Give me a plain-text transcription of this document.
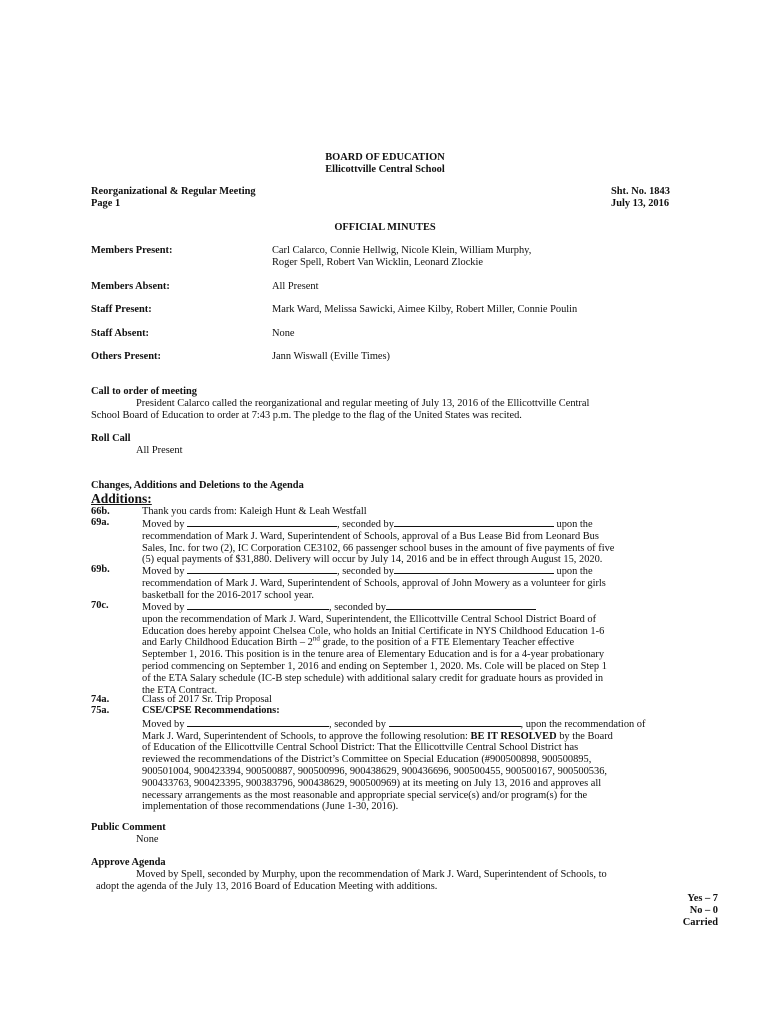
BOARD OF EDUCATION
Ellicottville Central School
Reorganizational & Regular Meeting
Page 1
Sht. No. 1843
July 13, 2016
OFFICIAL MINUTES
Members Present:	Carl Calarco, Connie Hellwig, Nicole Klein, William Murphy,
Roger Spell, Robert Van Wicklin, Leonard Zlockie
Members Absent:	All Present
Staff Present:	Mark Ward, Melissa Sawicki, Aimee Kilby, Robert Miller, Connie Poulin
Staff Absent:	None
Others Present:	Jann Wiswall (Eville Times)
Call to order of meeting
President Calarco called the reorganizational and regular meeting of July 13, 2016 of the Ellicottville Central
School Board of Education to order at 7:43 p.m. The pledge to the flag of the United States was recited.
Roll Call
All Present
Changes, Additions and Deletions to the Agenda
Additions:
66b.	Thank you cards from: Kaleigh Hunt & Leah Westfall
69a.	Moved by	, seconded by	upon the
recommendation of Mark J. Ward, Superintendent of Schools, approval of a Bus Lease Bid from Leonard Bus
Sales, Inc. for two (2), IC Corporation CE3102, 66 passenger school buses in the amount of five payments of five
(5) equal payments of $31,880. Delivery will occur by July 14, 2016 and be in effect through August 15, 2020.
69b.	Moved by	, seconded by	upon the
recommendation of Mark J. Ward, Superintendent of Schools, approval of John Mowery as a volunteer for girls
basketball for the 2016-2017 school year.
70c.	Moved by	, seconded by
upon the recommendation of Mark J. Ward, Superintendent, the Ellicottville Central School District Board of
Education does hereby appoint Chelsea Cole, who holds an Initial Certificate in NYS Childhood Education 1-6
and Early Childhood Education Birth – 2nd grade, to the position of a FTE Elementary Teacher effective
September 1, 2016. This position is in the tenure area of Elementary Education and is for a 4-year probationary
period commencing on September 1, 2016 and ending on September 1, 2020. Ms. Cole will be placed on Step 1
of the ETA Salary schedule (IC-B step schedule) with additional salary credit for graduate hours as provided in
the ETA Contract.
74a.	Class of 2017 Sr. Trip Proposal
75a.	CSE/CPSE Recommendations:
Moved by	, seconded by	, upon the recommendation of
Mark J. Ward, Superintendent of Schools, to approve the following resolution: BE IT RESOLVED by the Board
of Education of the Ellicottville Central School District: That the Ellicottville Central School District has
reviewed the recommendations of the District’s Committee on Special Education (#900500898, 900500895,
900501004, 900423394, 900500887, 900500996, 900438629, 900436696, 900500455, 900500167, 900500536,
900433763, 900423395, 900383796, 900438629, 900500969) at its meeting on July 13, 2016 and approves all
necessary arrangements as the most reasonable and appropriate special service(s) and/or program(s) for the
implementation of those recommendations (June 1-30, 2016).
Public Comment
None
Approve Agenda
Moved by Spell, seconded by Murphy, upon the recommendation of Mark J. Ward, Superintendent of Schools, to
adopt the agenda of the July 13, 2016 Board of Education Meeting with additions.
Yes – 7
No – 0
Carried
